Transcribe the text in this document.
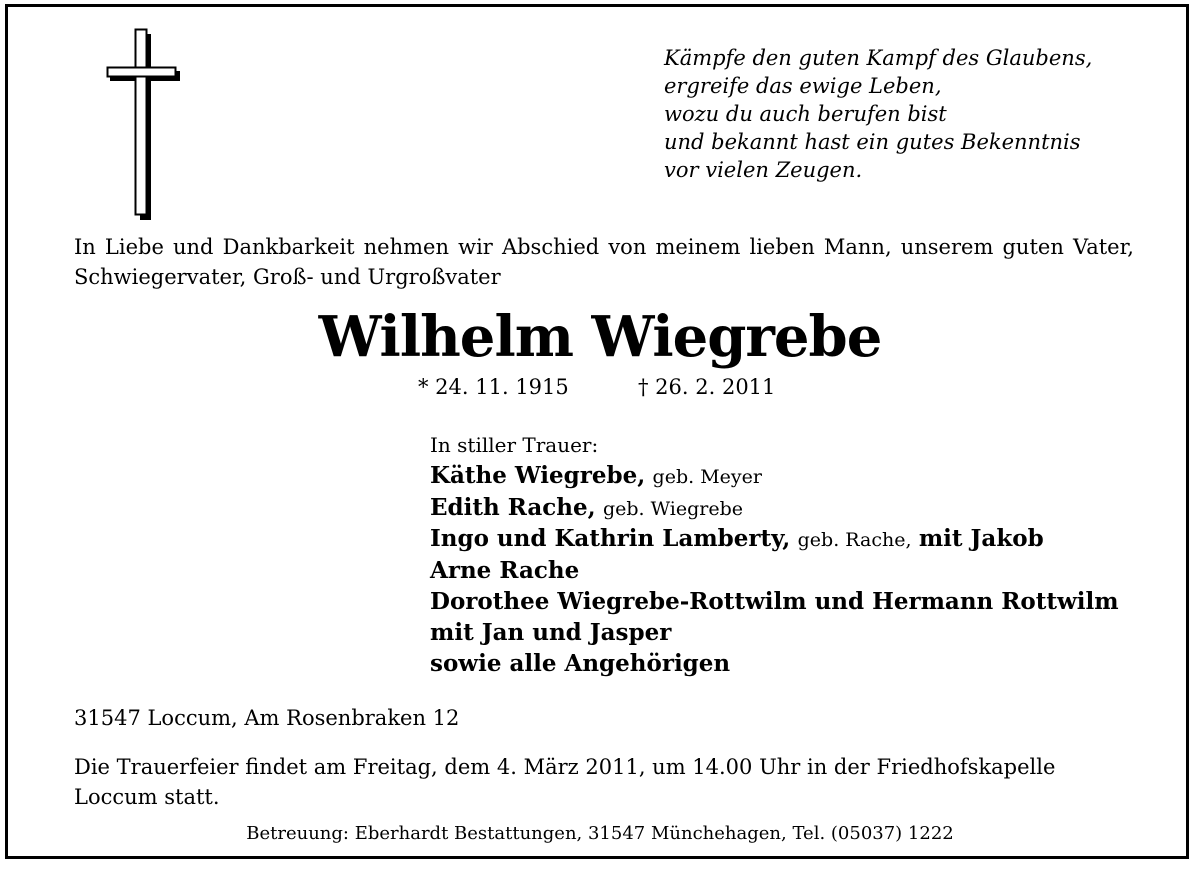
Kämpfe den guten Kampf des Glaubens,
ergreife das ewige Leben,
wozu du auch berufen bist
und bekannt hast ein gutes Bekenntnis
vor vielen Zeugen.
In Liebe und Dankbarkeit nehmen wir Abschied von meinem lieben Mann, unserem guten Vater, Schwiegervater, Groß- und Urgroßvater
Wilhelm Wiegrebe
* 24. 11. 1915	† 26. 2. 2011
In stiller Trauer:
Käthe Wiegrebe, geb. Meyer
Edith Rache, geb. Wiegrebe
Ingo und Kathrin Lamberty, geb. Rache, mit Jakob
Arne Rache
Dorothee Wiegrebe-Rottwilm und Hermann Rottwilm
mit Jan und Jasper
sowie alle Angehörigen
31547 Loccum, Am Rosenbraken 12
Die Trauerfeier findet am Freitag, dem 4. März 2011, um 14.00 Uhr in der Friedhofskapelle Loccum statt.
Betreuung: Eberhardt Bestattungen, 31547 Münchehagen, Tel. (05037) 1222
